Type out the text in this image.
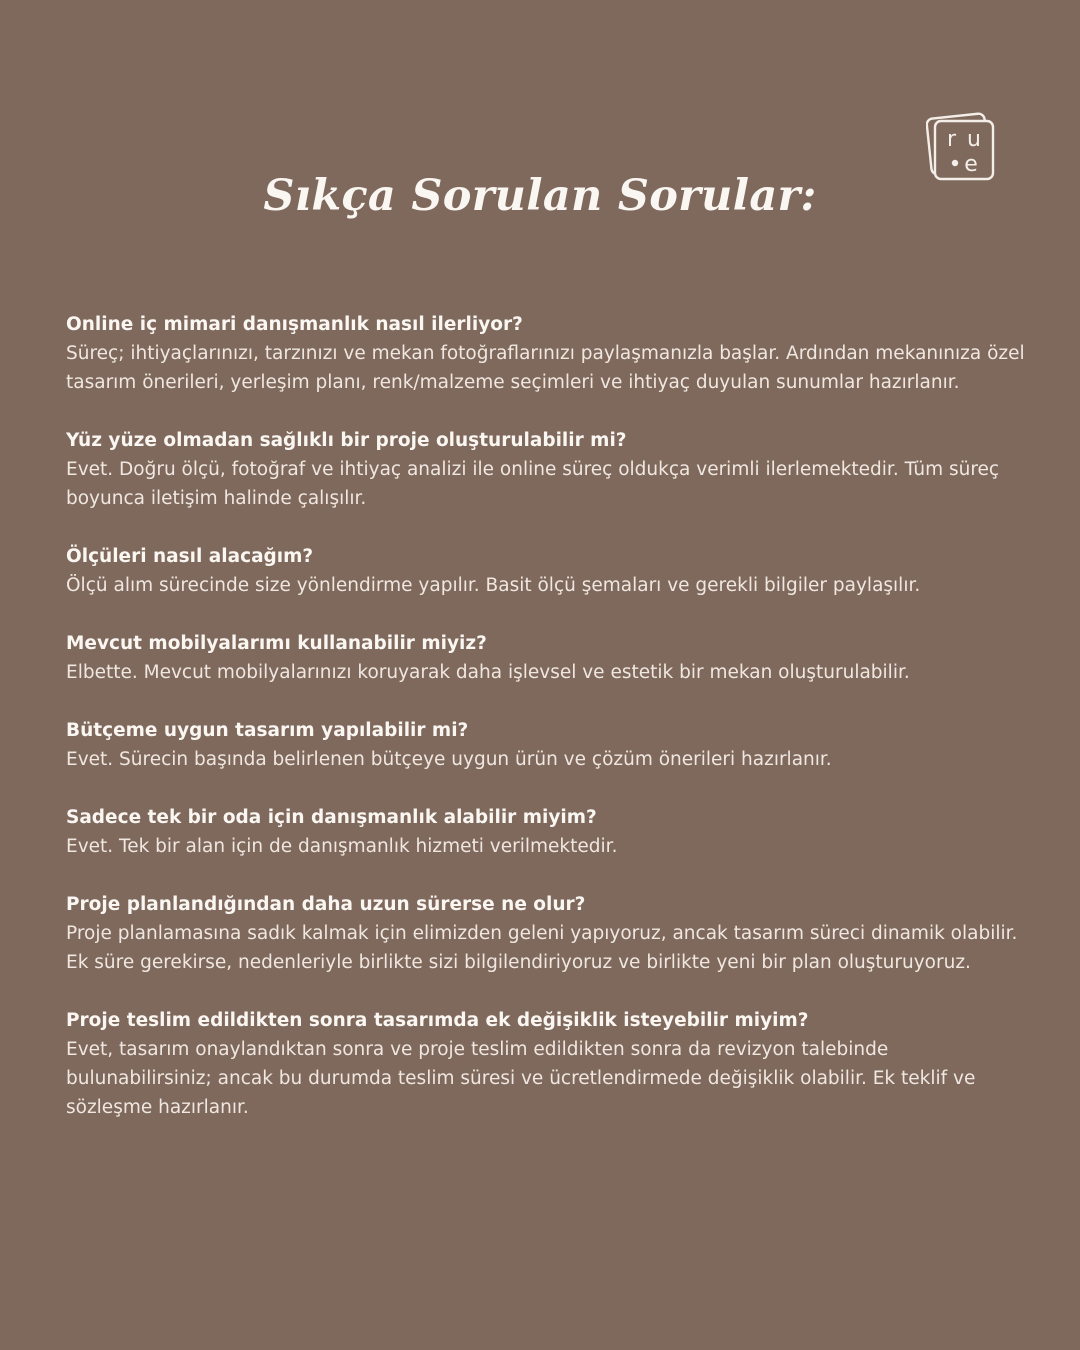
r u
e
Sıkça Sorulan Sorular:

Online iç mimari danışmanlık nasıl ilerliyor?

Süreç; ihtiyaçlarınızı, tarzınızı ve mekan fotoğraflarınızı paylaşmanızla başlar. Ardından mekanınıza özel tasarım önerileri, yerleşim planı, renk/malzeme seçimleri ve ihtiyaç duyulan sunumlar hazırlanır.

Yüz yüze olmadan sağlıklı bir proje oluşturulabilir mi?

Evet. Doğru ölçü, fotoğraf ve ihtiyaç analizi ile online süreç oldukça verimli ilerlemektedir. Tüm süreç boyunca iletişim halinde çalışılır.

Ölçüleri nasıl alacağım?

Ölçü alım sürecinde size yönlendirme yapılır. Basit ölçü şemaları ve gerekli bilgiler paylaşılır.

Mevcut mobilyalarımı kullanabilir miyiz?

Elbette. Mevcut mobilyalarınızı koruyarak daha işlevsel ve estetik bir mekan oluşturulabilir.

Bütçeme uygun tasarım yapılabilir mi?

Evet. Sürecin başında belirlenen bütçeye uygun ürün ve çözüm önerileri hazırlanır.

Sadece tek bir oda için danışmanlık alabilir miyim?

Evet. Tek bir alan için de danışmanlık hizmeti verilmektedir.

Proje planlandığından daha uzun sürerse ne olur?

Proje planlamasına sadık kalmak için elimizden geleni yapıyoruz, ancak tasarım süreci dinamik olabilir. Ek süre gerekirse, nedenleriyle birlikte sizi bilgilendiriyoruz ve birlikte yeni bir plan oluşturuyoruz.

Proje teslim edildikten sonra tasarımda ek değişiklik isteyebilir miyim?

Evet, tasarım onaylandıktan sonra ve proje teslim edildikten sonra da revizyon talebinde bulunabilirsiniz; ancak bu durumda teslim süresi ve ücretlendirmede değişiklik olabilir. Ek teklif ve sözleşme hazırlanır.
